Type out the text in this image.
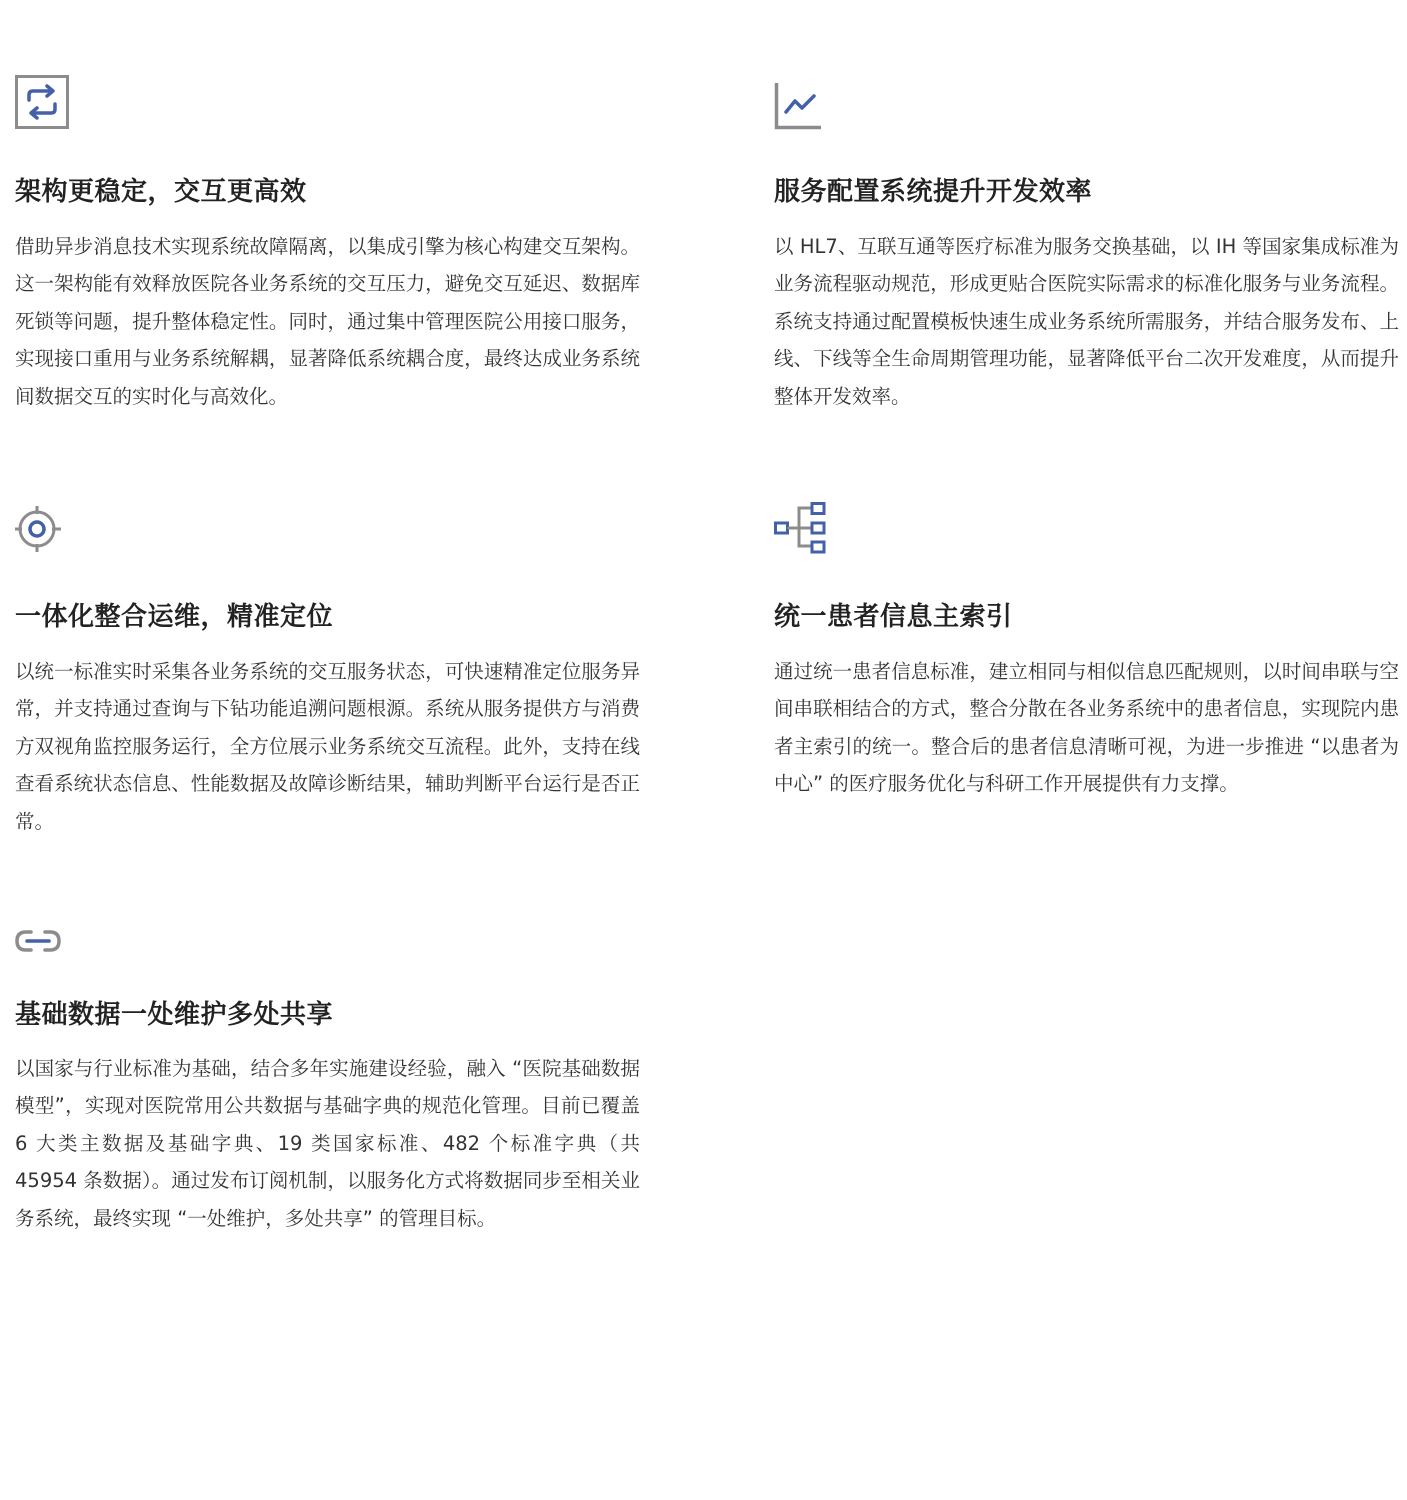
架构更稳定，交互更高效

借助异步消息技术实现系统故障隔离，以集成引擎为核心构建交互架构。这一架构能有效释放医院各业务系统的交互压力，避免交互延迟、数据库死锁等问题，提升整体稳定性。同时，通过集中管理医院公用接口服务，实现接口重用与业务系统解耦，显著降低系统耦合度，最终达成业务系统间数据交互的实时化与高效化。

服务配置系统提升开发效率

以 HL7、互联互通等医疗标准为服务交换基础，以 IH 等国家集成标准为业务流程驱动规范，形成更贴合医院实际需求的标准化服务与业务流程。系统支持通过配置模板快速生成业务系统所需服务，并结合服务发布、上线、下线等全生命周期管理功能，显著降低平台二次开发难度，从而提升整体开发效率。

一体化整合运维，精准定位

以统一标准实时采集各业务系统的交互服务状态，可快速精准定位服务异常，并支持通过查询与下钻功能追溯问题根源。系统从服务提供方与消费方双视角监控服务运行，全方位展示业务系统交互流程。此外，支持在线查看系统状态信息、性能数据及故障诊断结果，辅助判断平台运行是否正常。

统一患者信息主索引

通过统一患者信息标准，建立相同与相似信息匹配规则，以时间串联与空间串联相结合的方式，整合分散在各业务系统中的患者信息，实现院内患者主索引的统一。整合后的患者信息清晰可视，为进一步推进 “以患者为中心” 的医疗服务优化与科研工作开展提供有力支撑。

基础数据一处维护多处共享

以国家与行业标准为基础，结合多年实施建设经验，融入 “医院基础数据模型”，实现对医院常用公共数据与基础字典的规范化管理。目前已覆盖 6 大类主数据及基础字典、19 类国家标准、482 个标准字典（共 45954 条数据）。通过发布订阅机制，以服务化方式将数据同步至相关业务系统，最终实现 “一处维护，多处共享” 的管理目标。
